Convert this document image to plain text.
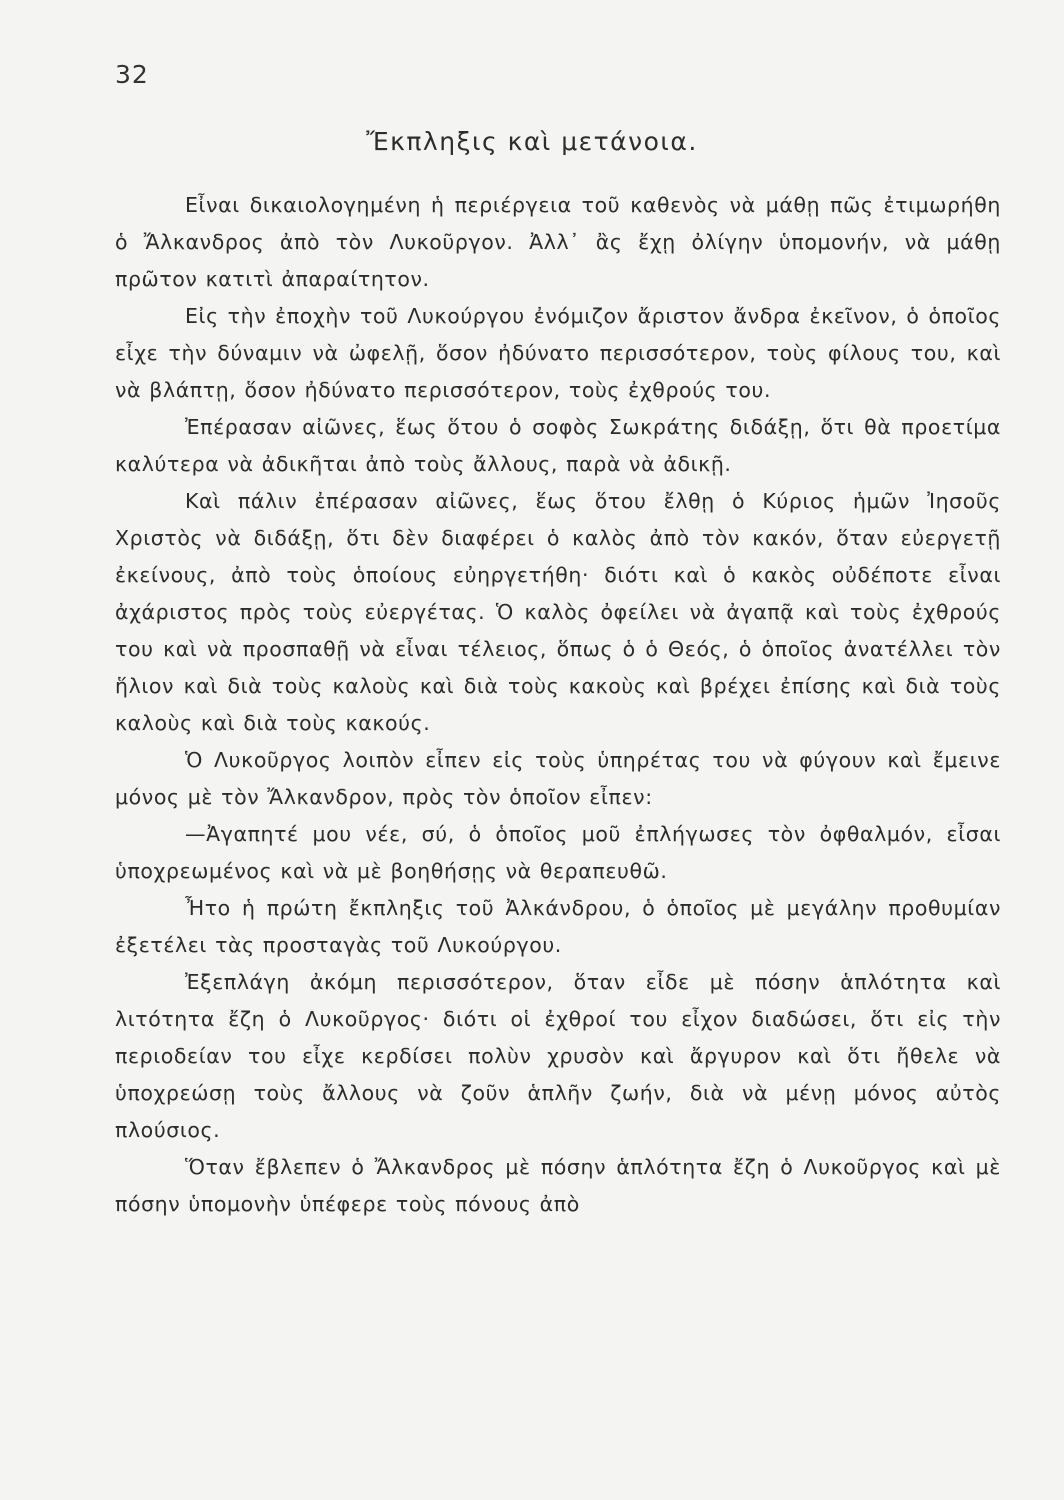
32
Ἔκπληξις καὶ μετάνοια.

Εἶναι δικαιολογημένη ἡ περιέργεια τοῦ καθενὸς νὰ μάθῃ πῶς ἐτιμωρήθη ὁ Ἄλκανδρος ἀπὸ τὸν Λυκοῦργον. Ἀλλ᾽ ἂς ἔχῃ ὀλίγην ὑπομονήν, νὰ μάθῃ πρῶτον κατιτὶ ἀπαραίτητον.

Εἰς τὴν ἐποχὴν τοῦ Λυκούργου ἐνόμιζον ἄριστον ἄνδρα ἐκεῖνον, ὁ ὁποῖος εἶχε τὴν δύναμιν νὰ ὠφελῇ, ὅσον ἠδύνατο περισσότερον, τοὺς φίλους του, καὶ νὰ βλάπτῃ, ὅσον ἠδύνατο περισσότερον, τοὺς ἐχθρούς του.

Ἐπέρασαν αἰῶνες, ἕως ὅτου ὁ σοφὸς Σωκράτης διδάξῃ, ὅτι θὰ προετίμα καλύτερα νὰ ἀδικῆται ἀπὸ τοὺς ἄλλους, παρὰ νὰ ἀδικῇ.

Καὶ πάλιν ἐπέρασαν αἰῶνες, ἕως ὅτου ἔλθῃ ὁ Κύριος ἡμῶν Ἰησοῦς Χριστὸς νὰ διδάξῃ, ὅτι δὲν διαφέρει ὁ καλὸς ἀπὸ τὸν κακόν, ὅταν εὐεργετῇ ἐκείνους, ἀπὸ τοὺς ὁποίους εὐηργετήθη· διότι καὶ ὁ κακὸς οὐδέποτε εἶναι ἀχάριστος πρὸς τοὺς εὐεργέτας. Ὁ καλὸς ὀφείλει νὰ ἀγαπᾷ καὶ τοὺς ἐχθρούς του καὶ νὰ προσπαθῇ νὰ εἶναι τέλειος, ὅπως ὁ ὁ Θεός, ὁ ὁποῖος ἀνατέλλει τὸν ἥλιον καὶ διὰ τοὺς καλοὺς καὶ διὰ τοὺς κακοὺς καὶ βρέχει ἐπίσης καὶ διὰ τοὺς καλοὺς καὶ διὰ τοὺς κακούς.

Ὁ Λυκοῦργος λοιπὸν εἶπεν εἰς τοὺς ὑπηρέτας του νὰ φύγουν καὶ ἔμεινε μόνος μὲ τὸν Ἄλκανδρον, πρὸς τὸν ὁποῖον εἶπεν:

—Ἀγαπητέ μου νέε, σύ, ὁ ὁποῖος μοῦ ἐπλήγωσες τὸν ὀφθαλμόν, εἶσαι ὑποχρεωμένος καὶ νὰ μὲ βοηθήσῃς νὰ θεραπευθῶ.

Ἦτο ἡ πρώτη ἔκπληξις τοῦ Ἀλκάνδρου, ὁ ὁποῖος μὲ μεγάλην προθυμίαν ἐξετέλει τὰς προσταγὰς τοῦ Λυκούργου.

Ἐξεπλάγη ἀκόμη περισσότερον, ὅταν εἶδε μὲ πόσην ἁπλότητα καὶ λιτότητα ἔζη ὁ Λυκοῦργος· διότι οἱ ἐχθροί του εἶχον διαδώσει, ὅτι εἰς τὴν περιοδείαν του εἶχε κερδίσει πολὺν χρυσὸν καὶ ἄργυρον καὶ ὅτι ἤθελε νὰ ὑποχρεώσῃ τοὺς ἄλλους νὰ ζοῦν ἁπλῆν ζωήν, διὰ νὰ μένῃ μόνος αὐτὸς πλούσιος.

Ὅταν ἔβλεπεν ὁ Ἄλκανδρος μὲ πόσην ἁπλότητα ἔζη ὁ Λυκοῦργος καὶ μὲ πόσην ὑπομονὴν ὑπέφερε τοὺς πόνους ἀπὸ
